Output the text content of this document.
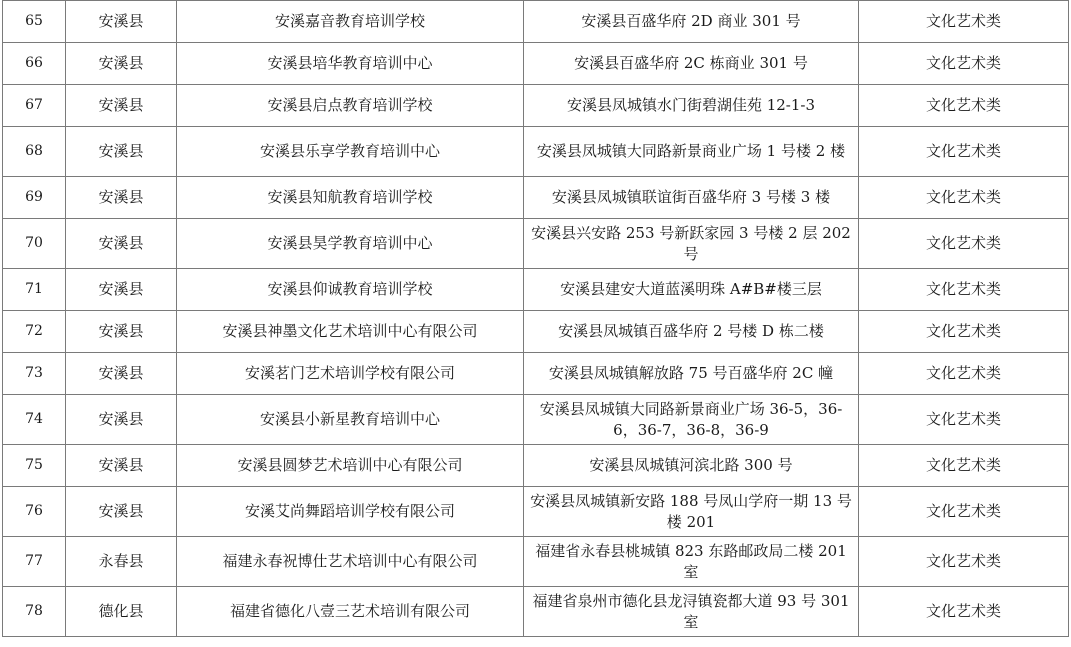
65	安溪县	安溪嘉音教育培训学校	安溪县百盛华府 2D 商业 301 号	文化艺术类
66	安溪县	安溪县培华教育培训中心	安溪县百盛华府 2C 栋商业 301 号	文化艺术类
67	安溪县	安溪县启点教育培训学校	安溪县凤城镇水门街碧湖佳苑 12-1-3	文化艺术类
68	安溪县	安溪县乐享学教育培训中心	安溪县凤城镇大同路新景商业广场 1 号楼 2 楼	文化艺术类
69	安溪县	安溪县知航教育培训学校	安溪县凤城镇联谊街百盛华府 3 号楼 3 楼	文化艺术类
70	安溪县	安溪县昊学教育培训中心	安溪县兴安路 253 号新跃家园 3 号楼 2 层 202 号	文化艺术类
71	安溪县	安溪县仰诚教育培训学校	安溪县建安大道蓝溪明珠 A#B#楼三层	文化艺术类
72	安溪县	安溪县神墨文化艺术培训中心有限公司	安溪县凤城镇百盛华府 2 号楼 D 栋二楼	文化艺术类
73	安溪县	安溪茗门艺术培训学校有限公司	安溪县凤城镇解放路 75 号百盛华府 2C 幢	文化艺术类
74	安溪县	安溪县小新星教育培训中心	安溪县凤城镇大同路新景商业广场 36-5，36-6，36-7，36-8，36-9	文化艺术类
75	安溪县	安溪县圆梦艺术培训中心有限公司	安溪县凤城镇河滨北路 300 号	文化艺术类
76	安溪县	安溪艾尚舞蹈培训学校有限公司	安溪县凤城镇新安路 188 号凤山学府一期 13 号楼 201	文化艺术类
77	永春县	福建永春祝博仕艺术培训中心有限公司	福建省永春县桃城镇 823 东路邮政局二楼 201 室	文化艺术类
78	德化县	福建省德化八壹三艺术培训有限公司	福建省泉州市德化县龙浔镇瓷都大道 93 号 301 室	文化艺术类
